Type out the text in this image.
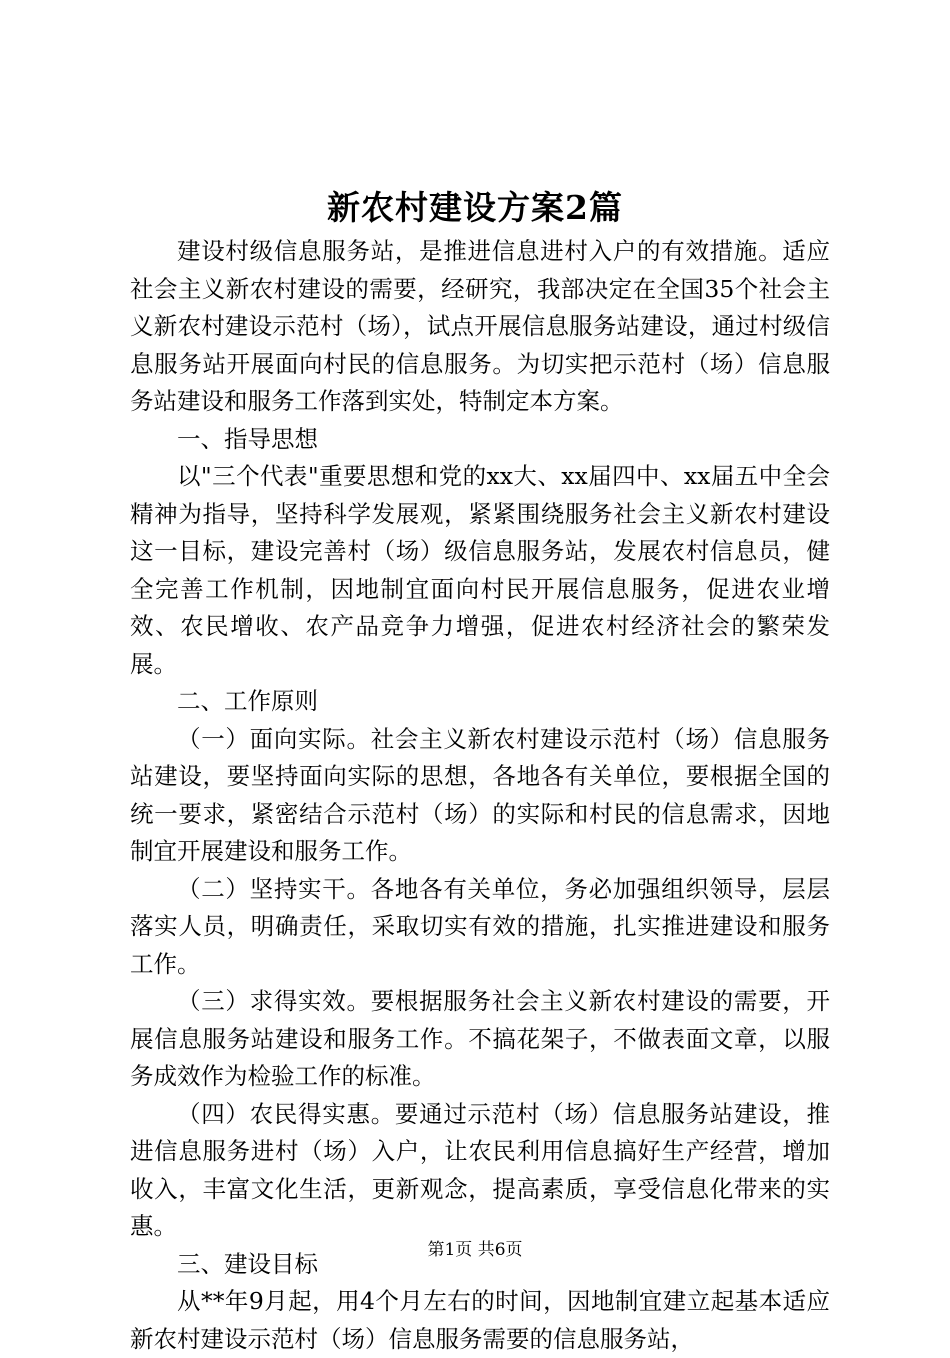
新农村建设方案2篇

建设村级信息服务站，是推进信息进村入户的有效措施。适应社会主义新农村建设的需要，经研究，我部决定在全国35个社会主义新农村建设示范村（场），试点开展信息服务站建设，通过村级信息服务站开展面向村民的信息服务。为切实把示范村（场）信息服务站建设和服务工作落到实处，特制定本方案。

一、指导思想

以"三个代表"重要思想和党的xx大、xx届四中、xx届五中全会精神为指导，坚持科学发展观，紧紧围绕服务社会主义新农村建设这一目标，建设完善村（场）级信息服务站，发展农村信息员，健全完善工作机制，因地制宜面向村民开展信息服务，促进农业增效、农民增收、农产品竞争力增强，促进农村经济社会的繁荣发展。

二、工作原则

（一）面向实际。社会主义新农村建设示范村（场）信息服务站建设，要坚持面向实际的思想，各地各有关单位，要根据全国的统一要求，紧密结合示范村（场）的实际和村民的信息需求，因地制宜开展建设和服务工作。

（二）坚持实干。各地各有关单位，务必加强组织领导，层层落实人员，明确责任，采取切实有效的措施，扎实推进建设和服务工作。

（三）求得实效。要根据服务社会主义新农村建设的需要，开展信息服务站建设和服务工作。不搞花架子，不做表面文章，以服务成效作为检验工作的标准。

（四）农民得实惠。要通过示范村（场）信息服务站建设，推进信息服务进村（场）入户，让农民利用信息搞好生产经营，增加收入，丰富文化生活，更新观念，提高素质，享受信息化带来的实惠。

三、建设目标

从**年9月起，用4个月左右的时间，因地制宜建立起基本适应新农村建设示范村（场）信息服务需要的信息服务站，

第1页 共6页
